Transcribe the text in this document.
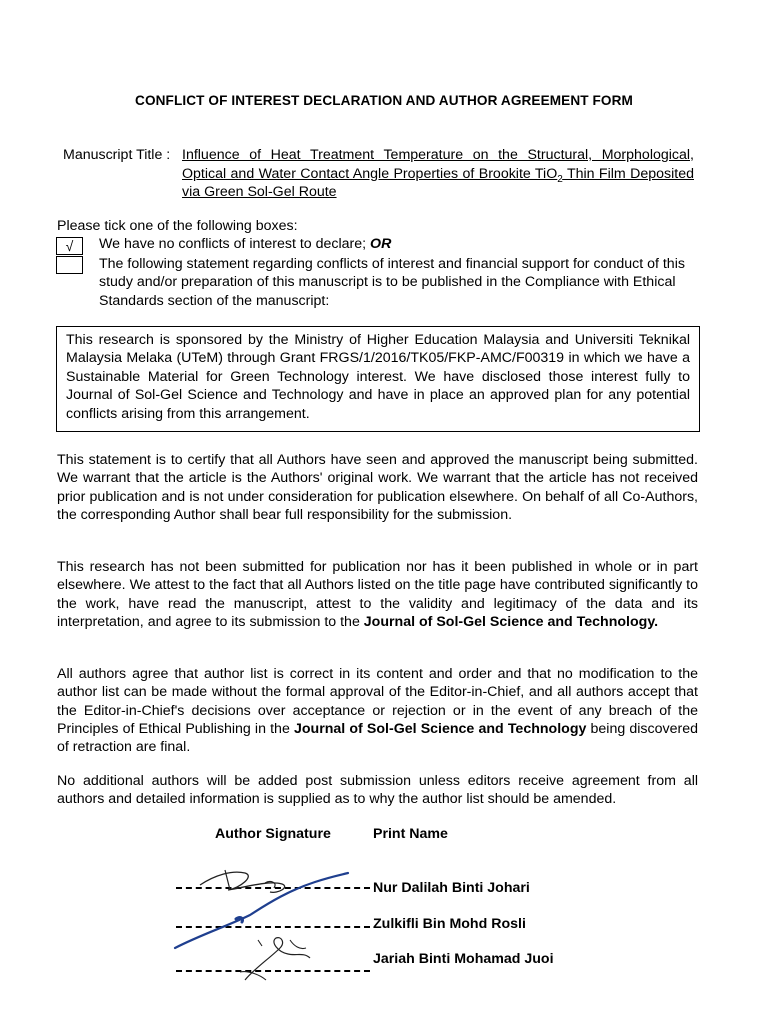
CONFLICT OF INTEREST DECLARATION AND AUTHOR AGREEMENT FORM
Manuscript Title : Influence of Heat Treatment Temperature on the Structural, Morphological, Optical and Water Contact Angle Properties of Brookite TiO$_2$ Thin Film Deposited via Green Sol-Gel Route
Please tick one of the following boxes:
√	We have no conflicts of interest to declare; OR
The following statement regarding conflicts of interest and financial support for conduct of this study and/or preparation of this manuscript is to be published in the Compliance with Ethical Standards section of the manuscript:
This research is sponsored by the Ministry of Higher Education Malaysia and Universiti Teknikal Malaysia Melaka (UTeM) through Grant FRGS/1/2016/TK05/FKP-AMC/F00319 in which we have a Sustainable Material for Green Technology interest. We have disclosed those interest fully to Journal of Sol-Gel Science and Technology and have in place an approved plan for any potential conflicts arising from this arrangement.
This statement is to certify that all Authors have seen and approved the manuscript being submitted. We warrant that the article is the Authors' original work. We warrant that the article has not received prior publication and is not under consideration for publication elsewhere. On behalf of all Co-Authors, the corresponding Author shall bear full responsibility for the submission.
This research has not been submitted for publication nor has it been published in whole or in part elsewhere. We attest to the fact that all Authors listed on the title page have contributed significantly to the work, have read the manuscript, attest to the validity and legitimacy of the data and its interpretation, and agree to its submission to the Journal of Sol-Gel Science and Technology.
All authors agree that author list is correct in its content and order and that no modification to the author list can be made without the formal approval of the Editor-in-Chief, and all authors accept that the Editor-in-Chief's decisions over acceptance or rejection or in the event of any breach of the Principles of Ethical Publishing in the Journal of Sol-Gel Science and Technology being discovered of retraction are final.
No additional authors will be added post submission unless editors receive agreement from all authors and detailed information is supplied as to why the author list should be amended.
Author Signature	Print Name
Nur Dalilah Binti Johari
Zulkifli Bin Mohd Rosli
Jariah Binti Mohamad Juoi
